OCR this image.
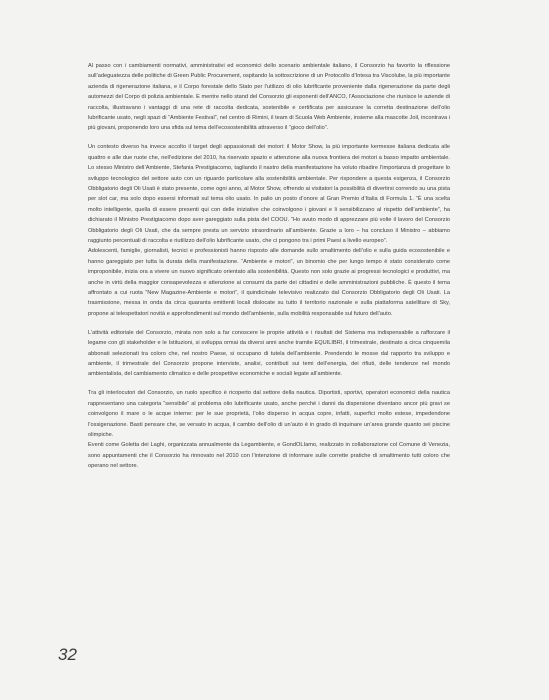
Al passo con i cambiamenti normativi, amministrativi ed economici dello scenario ambientale italiano, il Consorzio ha favorito la riflessione sull’adeguatezza delle politiche di Green Public Procurement, ospitando la sottoscrizione di un Protocollo d’Intesa tra Viscolube, la più importante azienda di rigenerazione italiana, e il Corpo forestale dello Stato per l’utilizzo di olio lubrificante proveniente dalla rigenerazione da parte degli automezzi del Corpo di polizia ambientale. E mentre nello stand del Consorzio gli esponenti dell’ANCO, l’Associazione che riunisce le aziende di raccolta, illustravano i vantaggi di una rete di raccolta dedicata, sostenibile e certificata per assicurare la corretta destinazione dell’olio lubrificante usato, negli spazi di “Ambiente Festival”, nel centro di Rimini, il team di Scuola Web Ambiente, insieme alla mascotte Joil, incontrava i più giovani, proponendo loro una sfida sul tema dell’ecosostenibilità attraverso il “gioco dell’olio”.

Un contesto diverso ha invece accolto il target degli appassionati dei motori: il Motor Show, la più importante kermesse italiana dedicata alle quattro e alle due ruote che, nell’edizione del 2010, ha riservato spazio e attenzione alla nuova frontiera dei motori a basso impatto ambientale. Lo stesso Ministro dell’Ambiente, Stefania Prestigiacomo, tagliando il nastro della manifestazione ha voluto ribadire l’importanza di progettare lo sviluppo tecnologico del settore auto con un riguardo particolare alla sostenibilità ambientale. Per rispondere a questa esigenza, il Consorzio Obbligatorio degli Oli Usati è stato presente, come ogni anno, al Motor Show, offrendo ai visitatori la possibilità di divertirsi correndo su una pista per slot car, ma solo dopo essersi informati sul tema olio usato. In palio un posto d’onore al Gran Premio d’Italia di Formula 1. “È una scelta molto intelligente, quella di essere presenti qui con delle iniziative che coinvolgono i giovani e li sensibilizzano al rispetto dell’ambiente”, ha dichiarato il Ministro Prestigiacomo dopo aver gareggiato sulla pista del COOU. “Ho avuto modo di apprezzare più volte il lavoro del Consorzio Obbligatorio degli Oli Usati, che da sempre presta un servizio straordinario all’ambiente. Grazie a loro – ha concluso il Ministro – abbiamo raggiunto percentuali di raccolta e riutilizzo dell’olio lubrificante usato, che ci pongono tra i primi Paesi a livello europeo”.

Adolescenti, famiglie, giornalisti, tecnici e professionisti hanno risposto alle domande sullo smaltimento dell’olio e sulla guida ecosostenibile e hanno gareggiato per tutta la durata della manifestazione. “Ambiente e motori”, un binomio che per lungo tempo è stato considerato come improponibile, inizia ora a vivere un nuovo significato orientato alla sostenibilità. Questo non solo grazie ai progressi tecnologici e produttivi, ma anche in virtù della maggior consapevolezza e attenzione ai consumi da parte dei cittadini e delle amministrazioni pubbliche. È questo il tema affrontato a cui ruota “New Magazine-Ambiente e motori”, il quindicinale televisivo realizzato dal Consorzio Obbligatorio degli Oli Usati. La trasmissione, messa in onda da circa quaranta emittenti locali dislocate su tutto il territorio nazionale e sulla piattaforma satellitare di Sky, propone ai telespettatori novità e approfondimenti sul mondo dell’ambiente, sulla mobilità responsabile sul futuro dell’auto.

L’attività editoriale del Consorzio, mirata non solo a far conoscere le proprie attività e i risultati del Sistema ma indispensabile a rafforzare il legame con gli stakeholder e le Istituzioni, si sviluppa ormai da diversi anni anche tramite EQUILIBRI, il trimestrale, destinato a circa cinquemila abbonati selezionati tra coloro che, nel nostro Paese, si occupano di tutela dell’ambiente. Prendendo le mosse dal rapporto tra sviluppo e ambiente, il trimestrale del Consorzio propone interviste, analisi, contributi sui temi dell’energia, dei rifiuti, delle tendenze nel mondo ambientalista, del cambiamento climatico e delle prospettive economiche e sociali legate all’ambiente.

Tra gli interlocutori del Consorzio, un ruolo specifico è ricoperto dal settore della nautica. Diportisti, sportivi, operatori economici della nautica rappresentano una categoria “sensibile” al problema olio lubrificante usato, anche perché i danni da dispersione diventano ancor più gravi se coinvolgono il mare o le acque interne: per le sue proprietà, l’olio disperso in acqua copre, infatti, superfici molto estese, impedendone l’ossigenazione. Basti pensare che, se versato in acqua, il cambio dell’olio di un’auto è in grado di inquinare un’area grande quanto sei piscine olimpiche.

Eventi come Goletta dei Laghi, organizzata annualmente da Legambiente, e GondOLIamo, realizzato in collaborazione col Comune di Venezia, sono appuntamenti che il Consorzio ha rinnovato nel 2010 con l’intenzione di informare sulle corrette pratiche di smaltimento tutti coloro che operano nel settore.

32
